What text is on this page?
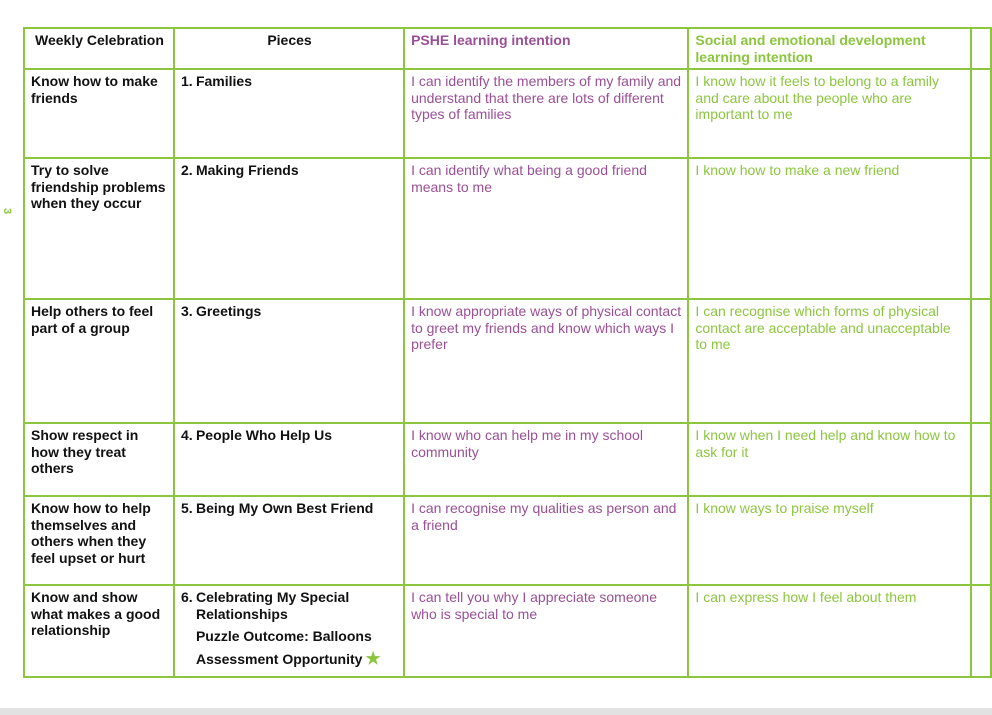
3
Weekly Celebration	Pieces	PSHE learning intention	Social and emotional development learning intention	
Know how to make friends	1. Families	I can identify the members of my family and understand that there are lots of different types of families	I know how it feels to belong to a family and care about the people who are important to me	
Try to solve friendship problems when they occur	2. Making Friends	I can identify what being a good friend means to me	I know how to make a new friend	
Help others to feel part of a group	3. Greetings	I know appropriate ways of physical contact to greet my friends and know which ways I prefer	I can recognise which forms of physical contact are acceptable and unacceptable to me	
Show respect in how they treat others	4. People Who Help Us	I know who can help me in my school community	I know when I need help and know how to ask for it	
Know how to help themselves and others when they feel upset or hurt	5. Being My Own Best Friend	I can recognise my qualities as person and a friend	I know ways to praise myself	
Know and show what makes a good relationship	6. Celebrating My Special Relationships
Puzzle Outcome: Balloons
Assessment Opportunity ★	I can tell you why I appreciate someone who is special to me	I can express how I feel about them	
